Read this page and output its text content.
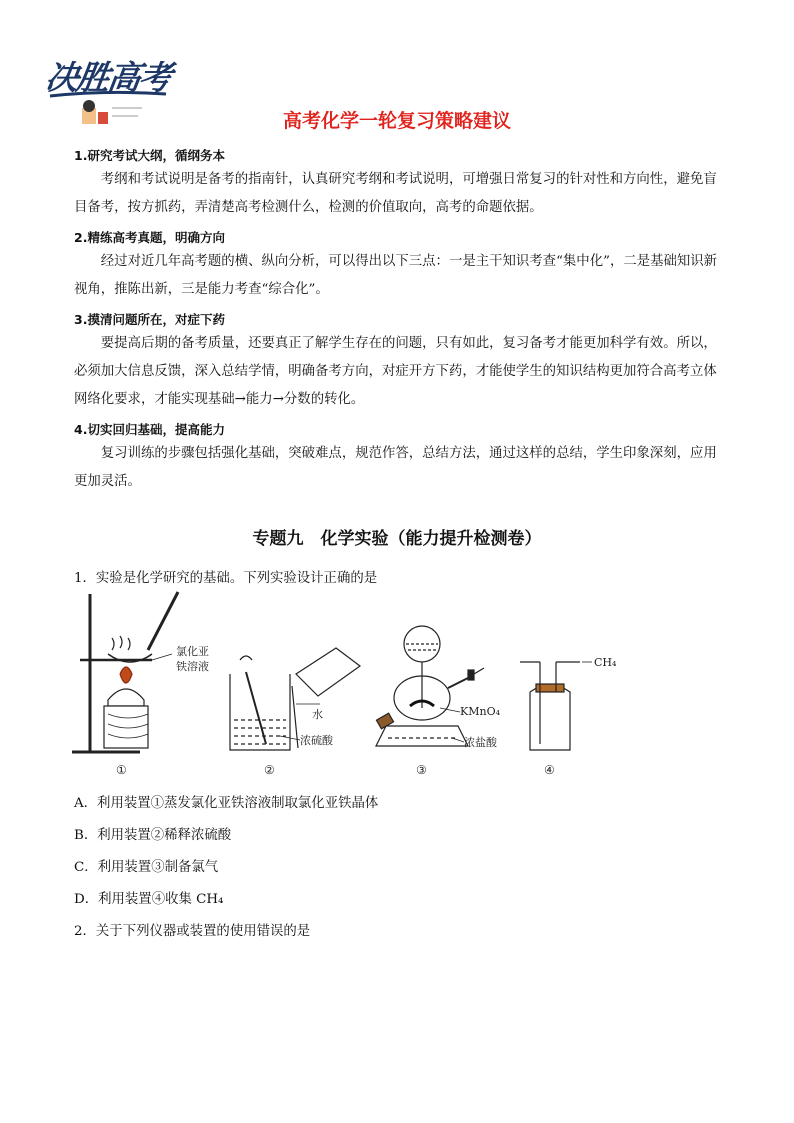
决胜高考
高考化学一轮复习策略建议
1.研究考试大纲，循纲务本

考纲和考试说明是备考的指南针，认真研究考纲和考试说明，可增强日常复习的针对性和方向性，避免盲目备考，按方抓药，弄清楚高考检测什么，检测的价值取向，高考的命题依据。

2.精练高考真题，明确方向

经过对近几年高考题的横、纵向分析，可以得出以下三点：一是主干知识考查“集中化”，二是基础知识新视角，推陈出新，三是能力考查“综合化”。

3.摸清问题所在，对症下药

要提高后期的备考质量，还要真正了解学生存在的问题，只有如此，复习备考才能更加科学有效。所以，必须加大信息反馈，深入总结学情，明确备考方向，对症开方下药，才能使学生的知识结构更加符合高考立体网络化要求，才能实现基础→能力→分数的转化。

4.切实回归基础，提高能力

复习训练的步骤包括强化基础，突破难点，规范作答，总结方法，通过这样的总结，学生印象深刻，应用更加灵活。

专题九　化学实验（能力提升检测卷）
1．实验是化学研究的基础。下列实验设计正确的是
氯化亚
铁溶液
①
水
浓硫酸
②
KMnO₄
浓盐酸
③
CH₄
④
A．利用装置①蒸发氯化亚铁溶液制取氯化亚铁晶体
B．利用装置②稀释浓硫酸
C．利用装置③制备氯气
D．利用装置④收集 CH₄
2．关于下列仪器或装置的使用错误的是
